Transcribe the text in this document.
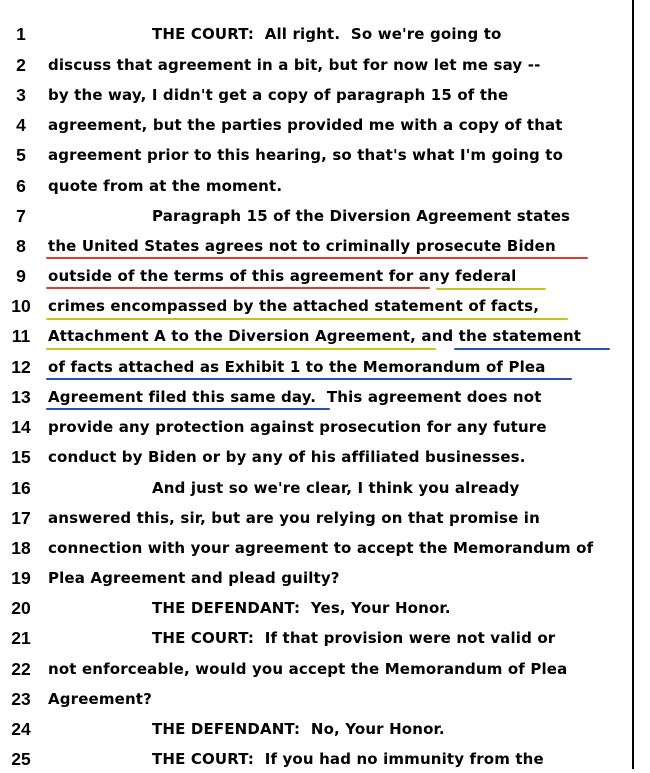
1	THE COURT:  All right.  So we're going to
2	discuss that agreement in a bit, but for now let me say --
3	by the way, I didn't get a copy of paragraph 15 of the
4	agreement, but the parties provided me with a copy of that
5	agreement prior to this hearing, so that's what I'm going to
6	quote from at the moment.
7	Paragraph 15 of the Diversion Agreement states
8	the United States agrees not to criminally prosecute Biden
9	outside of the terms of this agreement for any federal
10 crimes encompassed by the attached statement of facts,
11 Attachment A to the Diversion Agreement, and the statement
12 of facts attached as Exhibit 1 to the Memorandum of Plea
13 Agreement filed this same day.  This agreement does not
14 provide any protection against prosecution for any future
15 conduct by Biden or by any of his affiliated businesses.
16	And just so we're clear, I think you already
17 answered this, sir, but are you relying on that promise in
18 connection with your agreement to accept the Memorandum of
19 Plea Agreement and plead guilty?
20	THE DEFENDANT:  Yes, Your Honor.
21	THE COURT:  If that provision were not valid or
22 not enforceable, would you accept the Memorandum of Plea
23 Agreement?
24	THE DEFENDANT:  No, Your Honor.
25	THE COURT:  If you had no immunity from the
